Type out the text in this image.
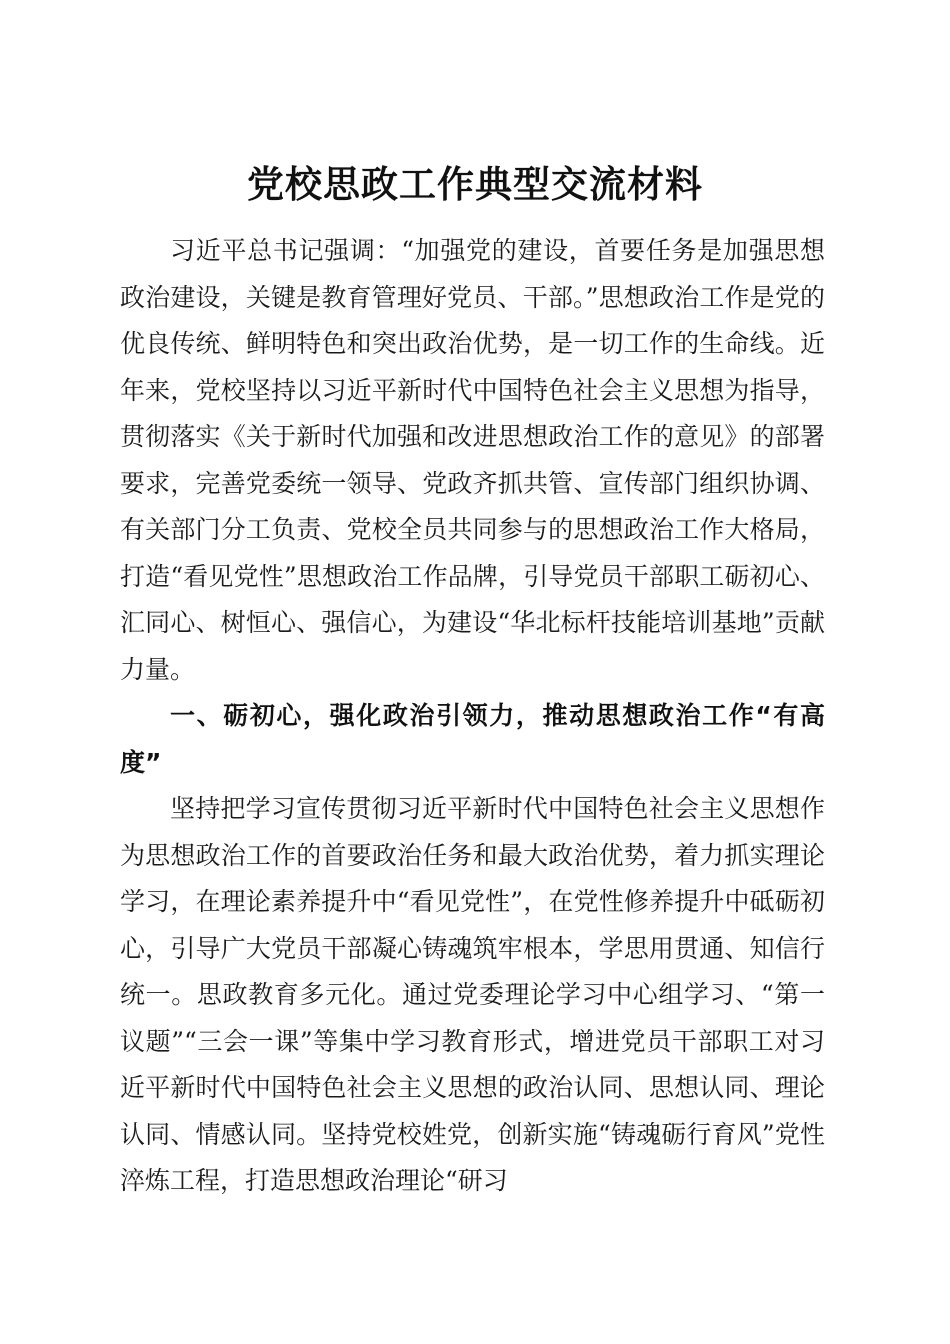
党校思政工作典型交流材料

习近平总书记强调：“加强党的建设，首要任务是加强思想政治建设，关键是教育管理好党员、干部。”思想政治工作是党的优良传统、鲜明特色和突出政治优势，是一切工作的生命线。近年来，党校坚持以习近平新时代中国特色社会主义思想为指导，贯彻落实《关于新时代加强和改进思想政治工作的意见》的部署要求，完善党委统一领导、党政齐抓共管、宣传部门组织协调、有关部门分工负责、党校全员共同参与的思想政治工作大格局，打造“看见党性”思想政治工作品牌，引导党员干部职工砺初心、汇同心、树恒心、强信心，为建设“华北标杆技能培训基地”贡献力量。

一、砺初心，强化政治引领力，推动思想政治工作“有高度”

坚持把学习宣传贯彻习近平新时代中国特色社会主义思想作为思想政治工作的首要政治任务和最大政治优势，着力抓实理论学习，在理论素养提升中“看见党性”，在党性修养提升中砥砺初心，引导广大党员干部凝心铸魂筑牢根本，学思用贯通、知信行统一。思政教育多元化。通过党委理论学习中心组学习、“第一议题”“三会一课”等集中学习教育形式，增进党员干部职工对习近平新时代中国特色社会主义思想的政治认同、思想认同、理论认同、情感认同。坚持党校姓党，创新实施“铸魂砺行育风”党性淬炼工程，打造思想政治理论“研习
